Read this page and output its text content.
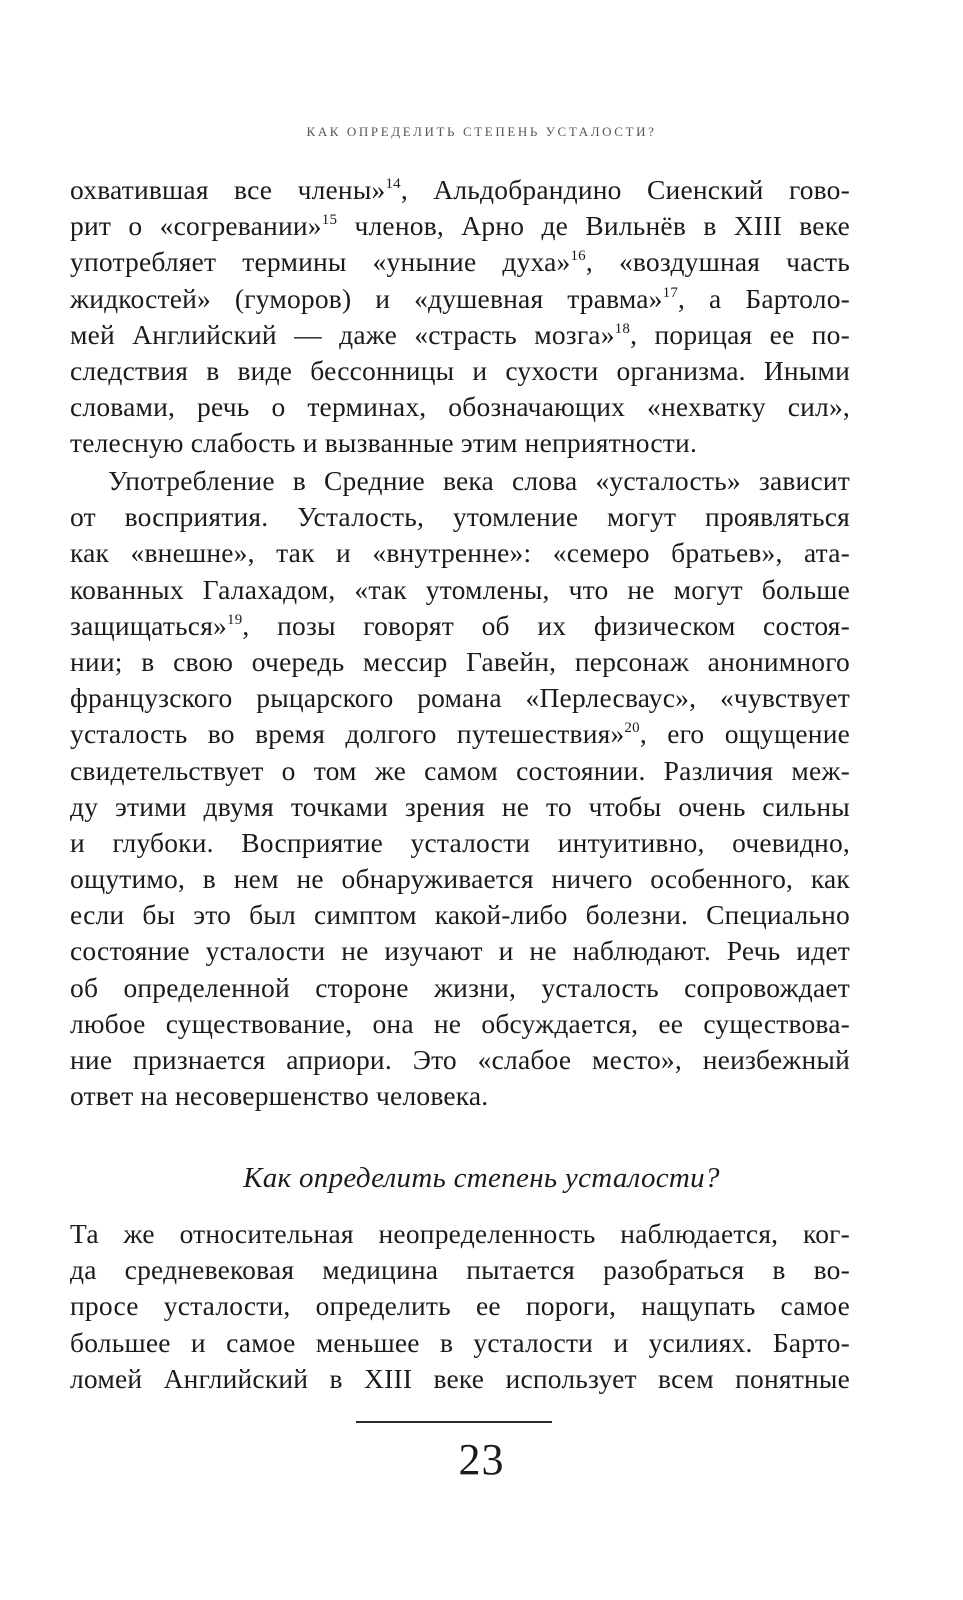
КАК ОПРЕДЕЛИТЬ СТЕПЕНЬ УСТАЛОСТИ?
охватившая все члены»$^{14}$, Альдобрандино Сиенский гово-
рит о «согревании»$^{15}$ членов, Арно де Вильнёв в XIII веке
употребляет термины «уныние духа»$^{16}$, «воздушная часть
жидкостей» (гуморов) и «душевная травма»$^{17}$, а Бартоло-
мей Английский — даже «страсть мозга»$^{18}$, порицая ее по-
следствия в виде бессонницы и сухости организма. Иными
словами, речь о терминах, обозначающих «нехватку сил»,
телесную слабость и вызванные этим неприятности.
Употребление в Средние века слова «усталость» зависит
от восприятия. Усталость, утомление могут проявляться
как «внешне», так и «внутренне»: «семеро братьев», ата-
кованных Галахадом, «так утомлены, что не могут больше
защищаться»$^{19}$, позы говорят об их физическом состоя-
нии; в свою очередь мессир Гавейн, персонаж анонимного
французского рыцарского романа «Перлесваус», «чувствует
усталость во время долгого путешествия»$^{20}$, его ощущение
свидетельствует о том же самом состоянии. Различия меж-
ду этими двумя точками зрения не то чтобы очень сильны
и глубоки. Восприятие усталости интуитивно, очевидно,
ощутимо, в нем не обнаруживается ничего особенного, как
если бы это был симптом какой-либо болезни. Специально
состояние усталости не изучают и не наблюдают. Речь идет
об определенной стороне жизни, усталость сопровождает
любое существование, она не обсуждается, ее существова-
ние признается априори. Это «слабое место», неизбежный
ответ на несовершенство человека.
Как определить степень усталости?
Та же относительная неопределенность наблюдается, ког-
да средневековая медицина пытается разобраться в во-
просе усталости, определить ее пороги, нащупать самое
большее и самое меньшее в усталости и усилиях. Барто-
ломей Английский в XIII веке использует всем понятные
23
